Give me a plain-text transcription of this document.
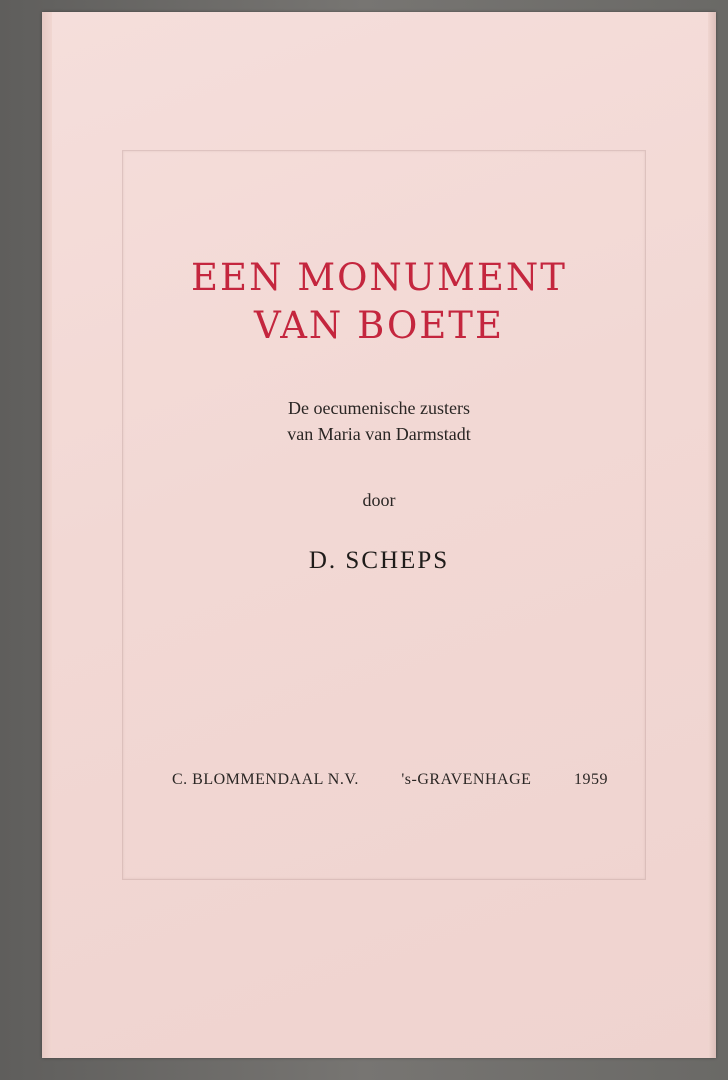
EEN MONUMENT
VAN BOETE
De oecumenische zusters
van Maria van Darmstadt
door
D. SCHEPS
C. BLOMMENDAAL N.V.	's-GRAVENHAGE	1959
